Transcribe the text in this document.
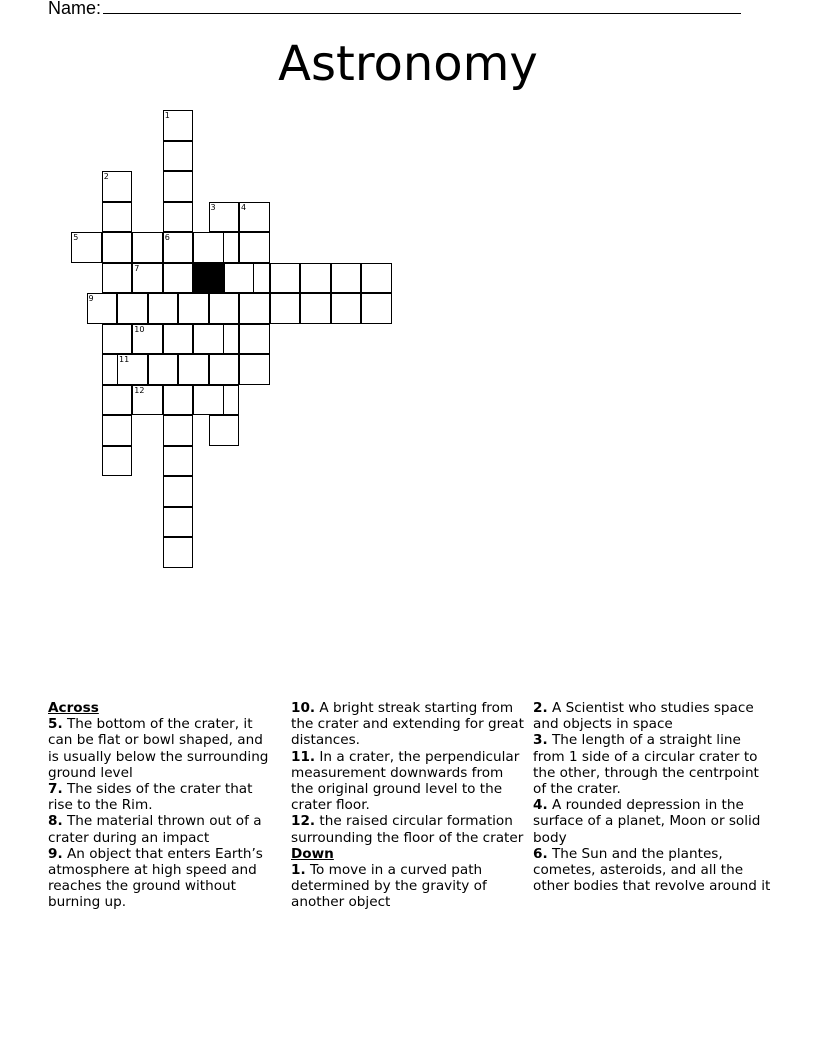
Name:
Astronomy
1
6
2
3	4
5
7
9
10
11
12

Across

5. The bottom of the crater, it can be flat or bowl shaped, and is usually below the surrounding ground level

7. The sides of the crater that rise to the Rim.

8. The material thrown out of a crater during an impact

9. An object that enters Earth’s atmosphere at high speed and reaches the ground without burning up.

10. A bright streak starting from the crater and extending for great distances.

11. In a crater, the perpendicular measurement downwards from the original ground level to the crater floor.

12. the raised circular formation surrounding the floor of the crater

Down

1. To move in a curved path determined by the gravity of another object

2. A Scientist who studies space and objects in space

3. The length of a straight line from 1 side of a circular crater to the other, through the centrpoint of the crater.

4. A rounded depression in the surface of a planet, Moon or solid body

6. The Sun and the plantes, cometes, asteroids, and all the other bodies that revolve around it
